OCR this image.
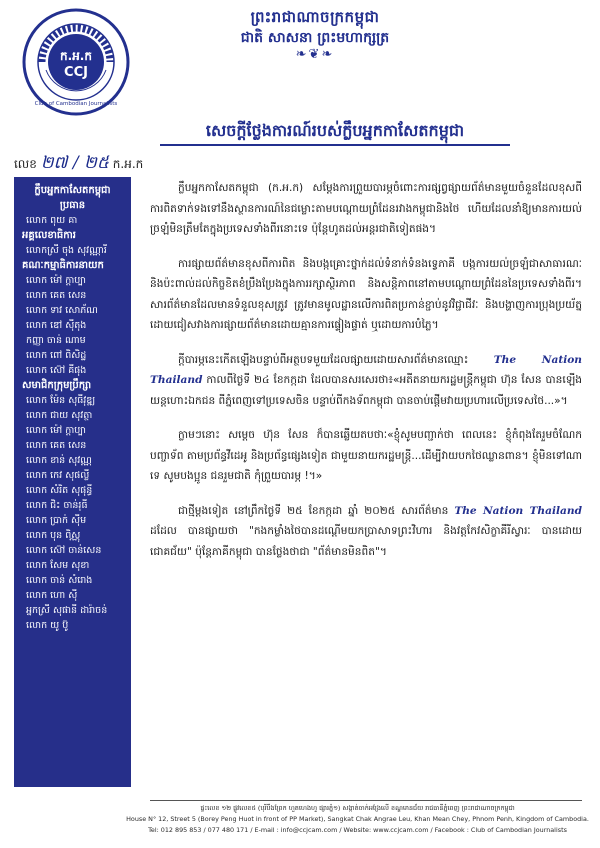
ក.អ.ក
CCJ
Club of Cambodian Journalists
ព្រះរាជាណាចក្រកម្ពុជា
ជាតិ សាសនា ព្រះមហាក្សត្រ
❧❦❧
លេខ ២៧ / ២៥ ក.អ.ក
សេចក្តីថ្លែងការណ៍របស់ក្លឹបអ្នកកាសែតកម្ពុជា
ក្លឹបអ្នកកាសែតកម្ពុជា
ប្រធាន
លោក ពុយ គា
អគ្គលេខាធិការ
លោកស្រី ចុង សុវណ្ណារី
គណៈកម្មាធិការនាយក
លោក ម៉ៅ ក្ដាប្បា
លោក គេត សេន
លោក ទាវ សោភ័ណ
លោក ឌៅ ស៊ីតុង
កញ្ញា ចាន់ ណាម
លោក ពៅ ពិសិដ្ឋ
លោក ស៊ៅ គីផុង
សមាជិកក្រុមប្រឹក្សា
លោក ម៉ែន សុធីវុឌ្ឍ
លោក ជាយ សុវត្ថា
លោក ម៉ៅ ក្ដាប្បា
លោក គេត សេន
លោក ខាន់ សុវណ្ណ
លោក កេវ សុផល្លី
លោក សំរិត សុផុន្ធី
លោក ជិះ ចាន់រុធី
លោក ប្រាក់ ស៊ីម
លោក បុន ពិស្ណុ
លោក ស៊ៅ ចាន់សេន
លោក សែម សុខា
លោក ចាន់ សំរោង
លោក ហោ ស៊ី
អ្នកស្រី សុផានី ដារ៉ាចន់
លោក យូ ប៊ូ

ក្លឹបអ្នកកាសែតកម្ពុជា (ក.អ.ក) សម្ដែងការព្រួយបារម្ភចំពោះការផ្សព្វផ្សាយព័ត៌មានមួយចំនួនដែលខុសពីការពិតទាក់ទងទៅនឹងស្ថានការណ៍នៃជម្លោះតាមបណ្ដោយព្រំដែនរវាងកម្ពុជានិងថៃ ហើយដែលនាំឱ្យមានការយល់ច្រឡំមិនត្រឹមតែក្នុងប្រទេសទាំងពីរនោះទេ ប៉ុន្តែហូតដល់អន្តរជាតិទៀតផង។

ការផ្សាយព័ត៌មានខុសពីការពិត និងបង្កគ្រោះថ្នាក់ដល់ទំនាក់ទំនងទ្វេភាគី បង្កការយល់ច្រឡំជាសាធារណៈ និងប៉ះពាល់ដល់កិច្ចខិតខំប្រឹងប្រែងក្នុងការរក្សាស្ថិរភាព និងសន្តិភាពនៅតាមបណ្ដោយព្រំដែននៃប្រទេសទាំងពីរ។ សារព័ត៌មានដែលមានទំនួលខុសត្រូវ ត្រូវមានមូលដ្ឋានលើការពិតប្រកាន់ខ្ជាប់នូវវិជ្ជាជីវៈ និងបង្ហាញការប្រុងប្រយ័ត្ន ដោយជៀសវាងការផ្សាយព័ត៌មានដោយគ្មានការផ្ទៀងផ្ទាត់ ឬដោយការបំភ្លៃ។

ក្ដីបារម្ភនេះកើតឡើងបន្ទាប់ពីអត្ថបទមួយដែលផ្សាយដោយសារព័ត៌មានឈ្មោះ The Nation Thailand កាលពីថ្ងៃទី ២៤ ខែកក្កដា ដែលបានសរសេរថា៖«អតីតនាយករដ្ឋមន្ត្រីកម្ពុជា ហ៊ុន សែន បានឡើងយន្តហោះឯកជន ពីភ្នំពេញទៅប្រទេសចិន បន្ទាប់ពីកងទ័ពកម្ពុជា បានចាប់ផ្ដើមវាយប្រហារលើប្រទេសថៃ...»។

ក្លាមៗនោះ សម្ដេច ហ៊ុន សែន ក៏បានឆ្លើយតបថាៈ«ខ្ញុំសូមបញ្ជាក់ថា ពេលនេះ ខ្ញុំកំពុងតែរួមចំណែកបញ្ចាទ័ព តាមប្រព័ន្ធវីដេអូ និងប្រព័ន្ធផ្សេងទៀត ជាមួយនាយករដ្ឋមន្ត្រី...ដើម្បីវាយបកថៃឈ្លានពាន។ ខ្ញុំមិនទៅណាទេ សូមបងប្អូន ជនរួមជាតិ កុំព្រួយបារម្ភ !។»

ជាថ្មីម្ដងទៀត នៅព្រឹកថ្ងៃទី ២៥ ខែកក្កដា ឆ្នាំ ២០២៥ សារព័ត៌មាន The Nation Thailand ដដែល បានផ្សាយថា "កងកម្លាំងថៃបានដណ្ដើមយកប្រាសាទព្រះវិហារ និងវត្តកែវសិក្ខាគីរីស្វារៈ បានដោយជោគជ័យ" ប៉ុន្តែភាគីកម្ពុជា បានថ្លែងថាជា "ព័ត៌មានមិនពិត"។

ផ្ទះលេខ ១២ ផ្លូវលេខ៥ (បុរីបឹងព្រែក ហួតហេងហួ ផ្សារភ្នំ១) សង្កាត់ចាក់អង្រែលើ ខណ្ឌមានជ័យ រាជធានីភ្នំពេញ ព្រះរាជាណាចក្រកម្ពុជា
House N° 12, Street 5 (Borey Peng Huot in front of PP Market), Sangkat Chak Angrae Leu, Khan Mean Chey, Phnom Penh, Kingdom of Cambodia.
Tel: 012 895 853 / 077 480 171 / E-mail : info@ccjcam.com / Website: www.ccjcam.com / Facebook : Club of Cambodian Journalists
